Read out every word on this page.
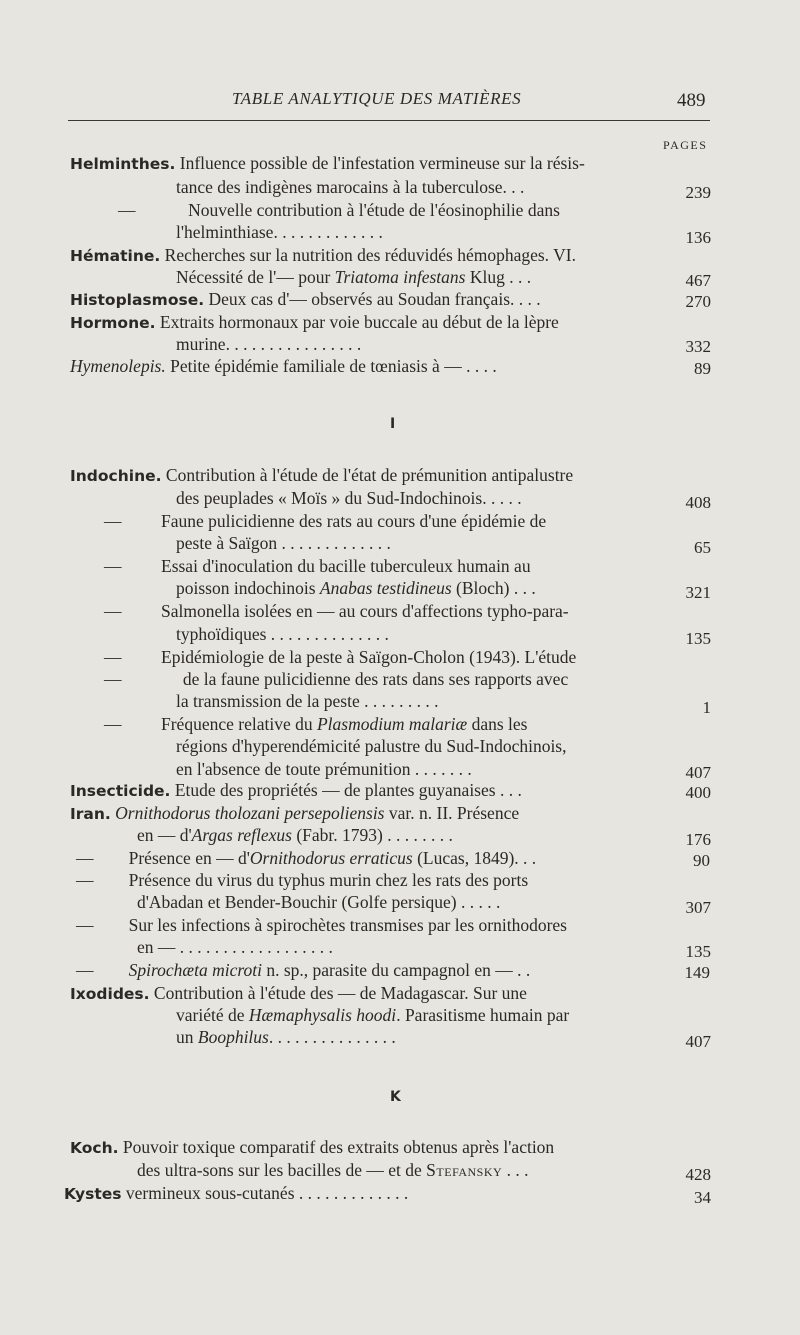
TABLE ANALYTIQUE DES MATIÈRES	489
PAGES
Helminthes. Influence possible de l'infestation vermineuse sur la résis-
tance des indigènes marocains à la tuberculose. . .	239
—	Nouvelle contribution à l'étude de l'éosinophilie dans
l'helminthiase. . . . . . . . . . . . .	136
Hématine. Recherches sur la nutrition des réduvidés hémophages. VI.
Nécessité de l'— pour Triatoma infestans Klug . . .	467
Histoplasmose. Deux cas d'— observés au Soudan français. . . .	270
Hormone. Extraits hormonaux par voie buccale au début de la lèpre
murine. . . . . . . . . . . . . . . .	332
Hymenolepis. Petite épidémie familiale de tœniasis à — . . . .	89
I
Indochine. Contribution à l'étude de l'état de prémunition antipalustre
des peuplades « Moïs » du Sud-Indochinois. . . . .	408
— Faune pulicidienne des rats au cours d'une épidémie de
peste à Saïgon . . . . . . . . . . . . .	65
— Essai d'inoculation du bacille tuberculeux humain au
poisson indochinois Anabas testidineus (Bloch) . . .	321
— Salmonella isolées en — au cours d'affections typho-para-
typhoïdiques . . . . . . . . . . . . . .	135
— Epidémiologie de la peste à Saïgon-Cholon (1943). L'étude
—	de la faune pulicidienne des rats dans ses rapports avec
la transmission de la peste . . . . . . . . .	1
— Fréquence relative du Plasmodium malariæ dans les
régions d'hyperendémicité palustre du Sud-Indochinois,
en l'absence de toute prémunition . . . . . . .	407
Insecticide. Etude des propriétés — de plantes guyanaises . . .	400
Iran. Ornithodorus tholozani persepoliensis var. n. II. Présence
en — d'Argas reflexus (Fabr. 1793) . . . . . . . .	176
— Présence en — d'Ornithodorus erraticus (Lucas, 1849). . .	90
— Présence du virus du typhus murin chez les rats des ports
d'Abadan et Bender-Bouchir (Golfe persique) . . . . .	307
— Sur les infections à spirochètes transmises par les ornithodores
en — . . . . . . . . . . . . . . . . . .	135
— Spirochæta microti n. sp., parasite du campagnol en — . .	149
Ixodides. Contribution à l'étude des — de Madagascar. Sur une
variété de Hæmaphysalis hoodi. Parasitisme humain par
un Boophilus. . . . . . . . . . . . . . .	407
K
Koch. Pouvoir toxique comparatif des extraits obtenus après l'action
des ultra-sons sur les bacilles de — et de Stefansky . . .	428
Kystes vermineux sous-cutanés . . . . . . . . . . . . .	34
